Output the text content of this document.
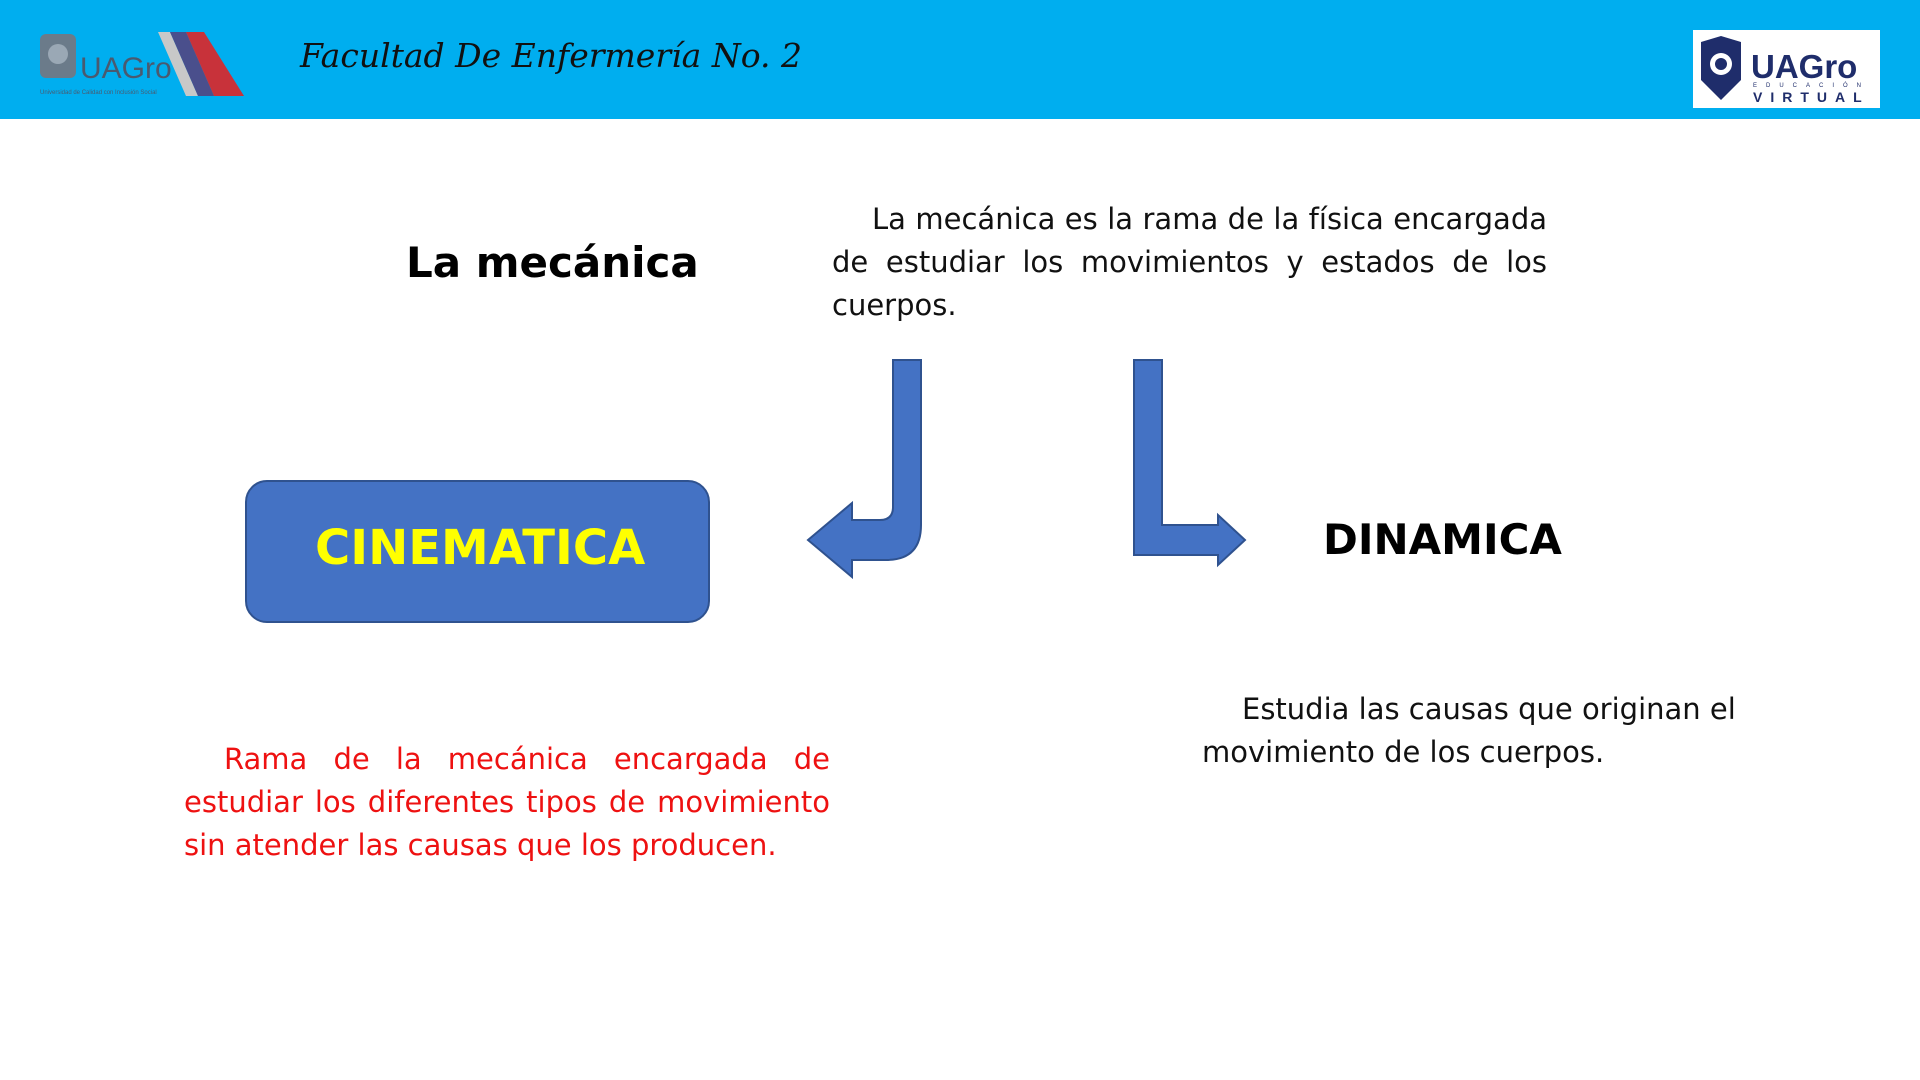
UAGro
Universidad de Calidad con Inclusión Social
Facultad De Enfermería No. 2	UAGro
EDUCACIÓN
VIRTUAL
La mecánica
La mecánica es la rama de la física encargada de estudiar los movimientos y estados de los cuerpos.
CINEMATICA	DINAMICA
Estudia las causas que originan el movimiento de los cuerpos.
Rama de la mecánica encargada de estudiar los diferentes tipos de movimiento sin atender las causas que los producen.
